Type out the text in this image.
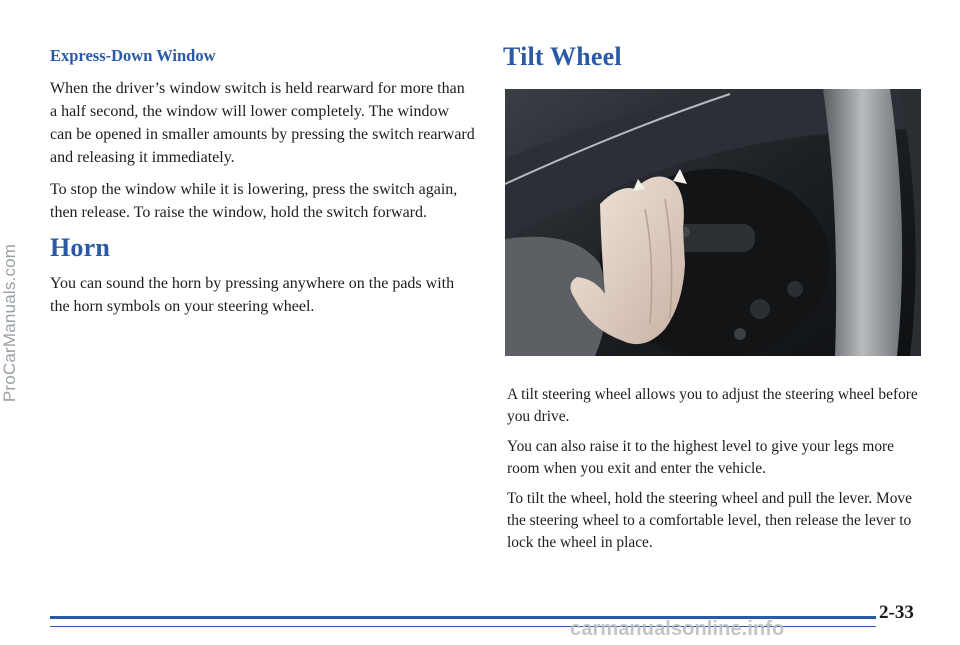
ProCarManuals.com
Express-Down Window

When the driver’s window switch is held rearward for more than a half second, the window will lower completely. The window can be opened in smaller amounts by pressing the switch rearward and releasing it immediately.

To stop the window while it is lowering, press the switch again, then release. To raise the window, hold the switch forward.

Horn

You can sound the horn by pressing anywhere on the pads with the horn symbols on your steering wheel.

Tilt Wheel

A tilt steering wheel allows you to adjust the steering wheel before you drive.

You can also raise it to the highest level to give your legs more room when you exit and enter the vehicle.

To tilt the wheel, hold the steering wheel and pull the lever. Move the steering wheel to a comfortable level, then release the lever to lock the wheel in place.

2-33
carmanualsonline.info
